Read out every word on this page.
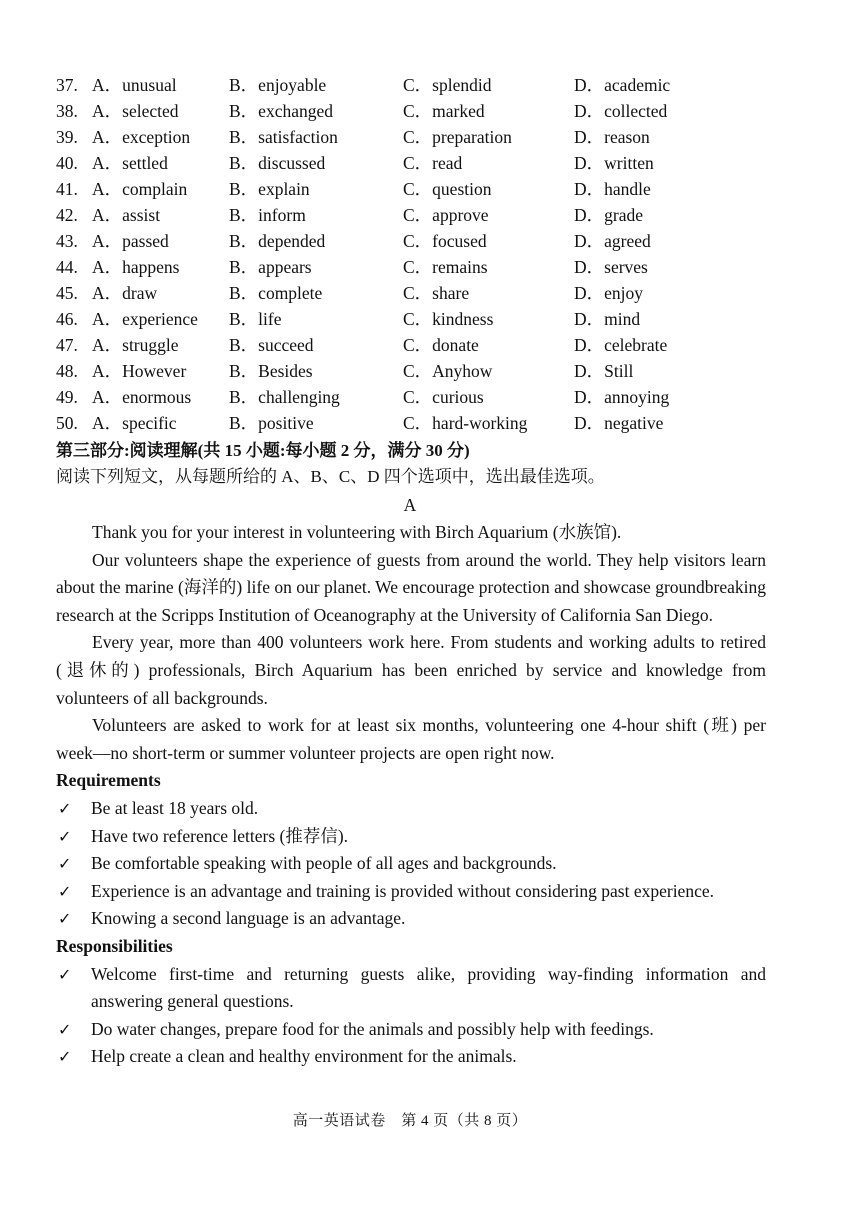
37. A．unusual	B．enjoyable	C．splendid	D．academic
38. A．selected	B．exchanged	C．marked	D．collected
39. A．exception B．satisfaction	C．preparation	D．reason
40. A．settled	B．discussed	C．read	D．written
41. A．complain B．explain	C．question	D．handle
42. A．assist	B．inform	C．approve	D．grade
43. A．passed	B．depended	C．focused	D．agreed
44. A．happens	B．appears	C．remains	D．serves
45. A．draw	B．complete	C．share	D．enjoy
46. A．experience B．life	C．kindness	D．mind
47. A．struggle	B．succeed	C．donate	D．celebrate
48. A．However B．Besides	C．Anyhow	D．Still
49. A．enormous B．challenging	C．curious	D．annoying
50. A．specific	B．positive	C．hard-working	D．negative
第三部分:阅读理解(共 15 小题:每小题 2 分，满分 30 分)
阅读下列短文，从每题所给的 A、B、C、D 四个选项中，选出最佳选项。
A

Thank you for your interest in volunteering with Birch Aquarium (水族馆).

Our volunteers shape the experience of guests from around the world. They help visitors learn about the marine (海洋的) life on our planet. We encourage protection and showcase groundbreaking research at the Scripps Institution of Oceanography at the University of California San Diego.

Every year, more than 400 volunteers work here. From students and working adults to retired (退休的) professionals, Birch Aquarium has been enriched by service and knowledge from volunteers of all backgrounds.

Volunteers are asked to work for at least six months, volunteering one 4-hour shift (班) per week—no short-term or summer volunteer projects are open right now.

Requirements

✓ Be at least 18 years old.
✓ Have two reference letters (推荐信).
✓ Be comfortable speaking with people of all ages and backgrounds.
✓ Experience is an advantage and training is provided without considering past experience.
✓ Knowing a second language is an advantage.

Responsibilities

✓ Welcome first-time and returning guests alike, providing way-finding information and answering general questions.
✓ Do water changes, prepare food for the animals and possibly help with feedings.
✓ Help create a clean and healthy environment for the animals.
高一英语试卷　第 4 页（共 8 页）
